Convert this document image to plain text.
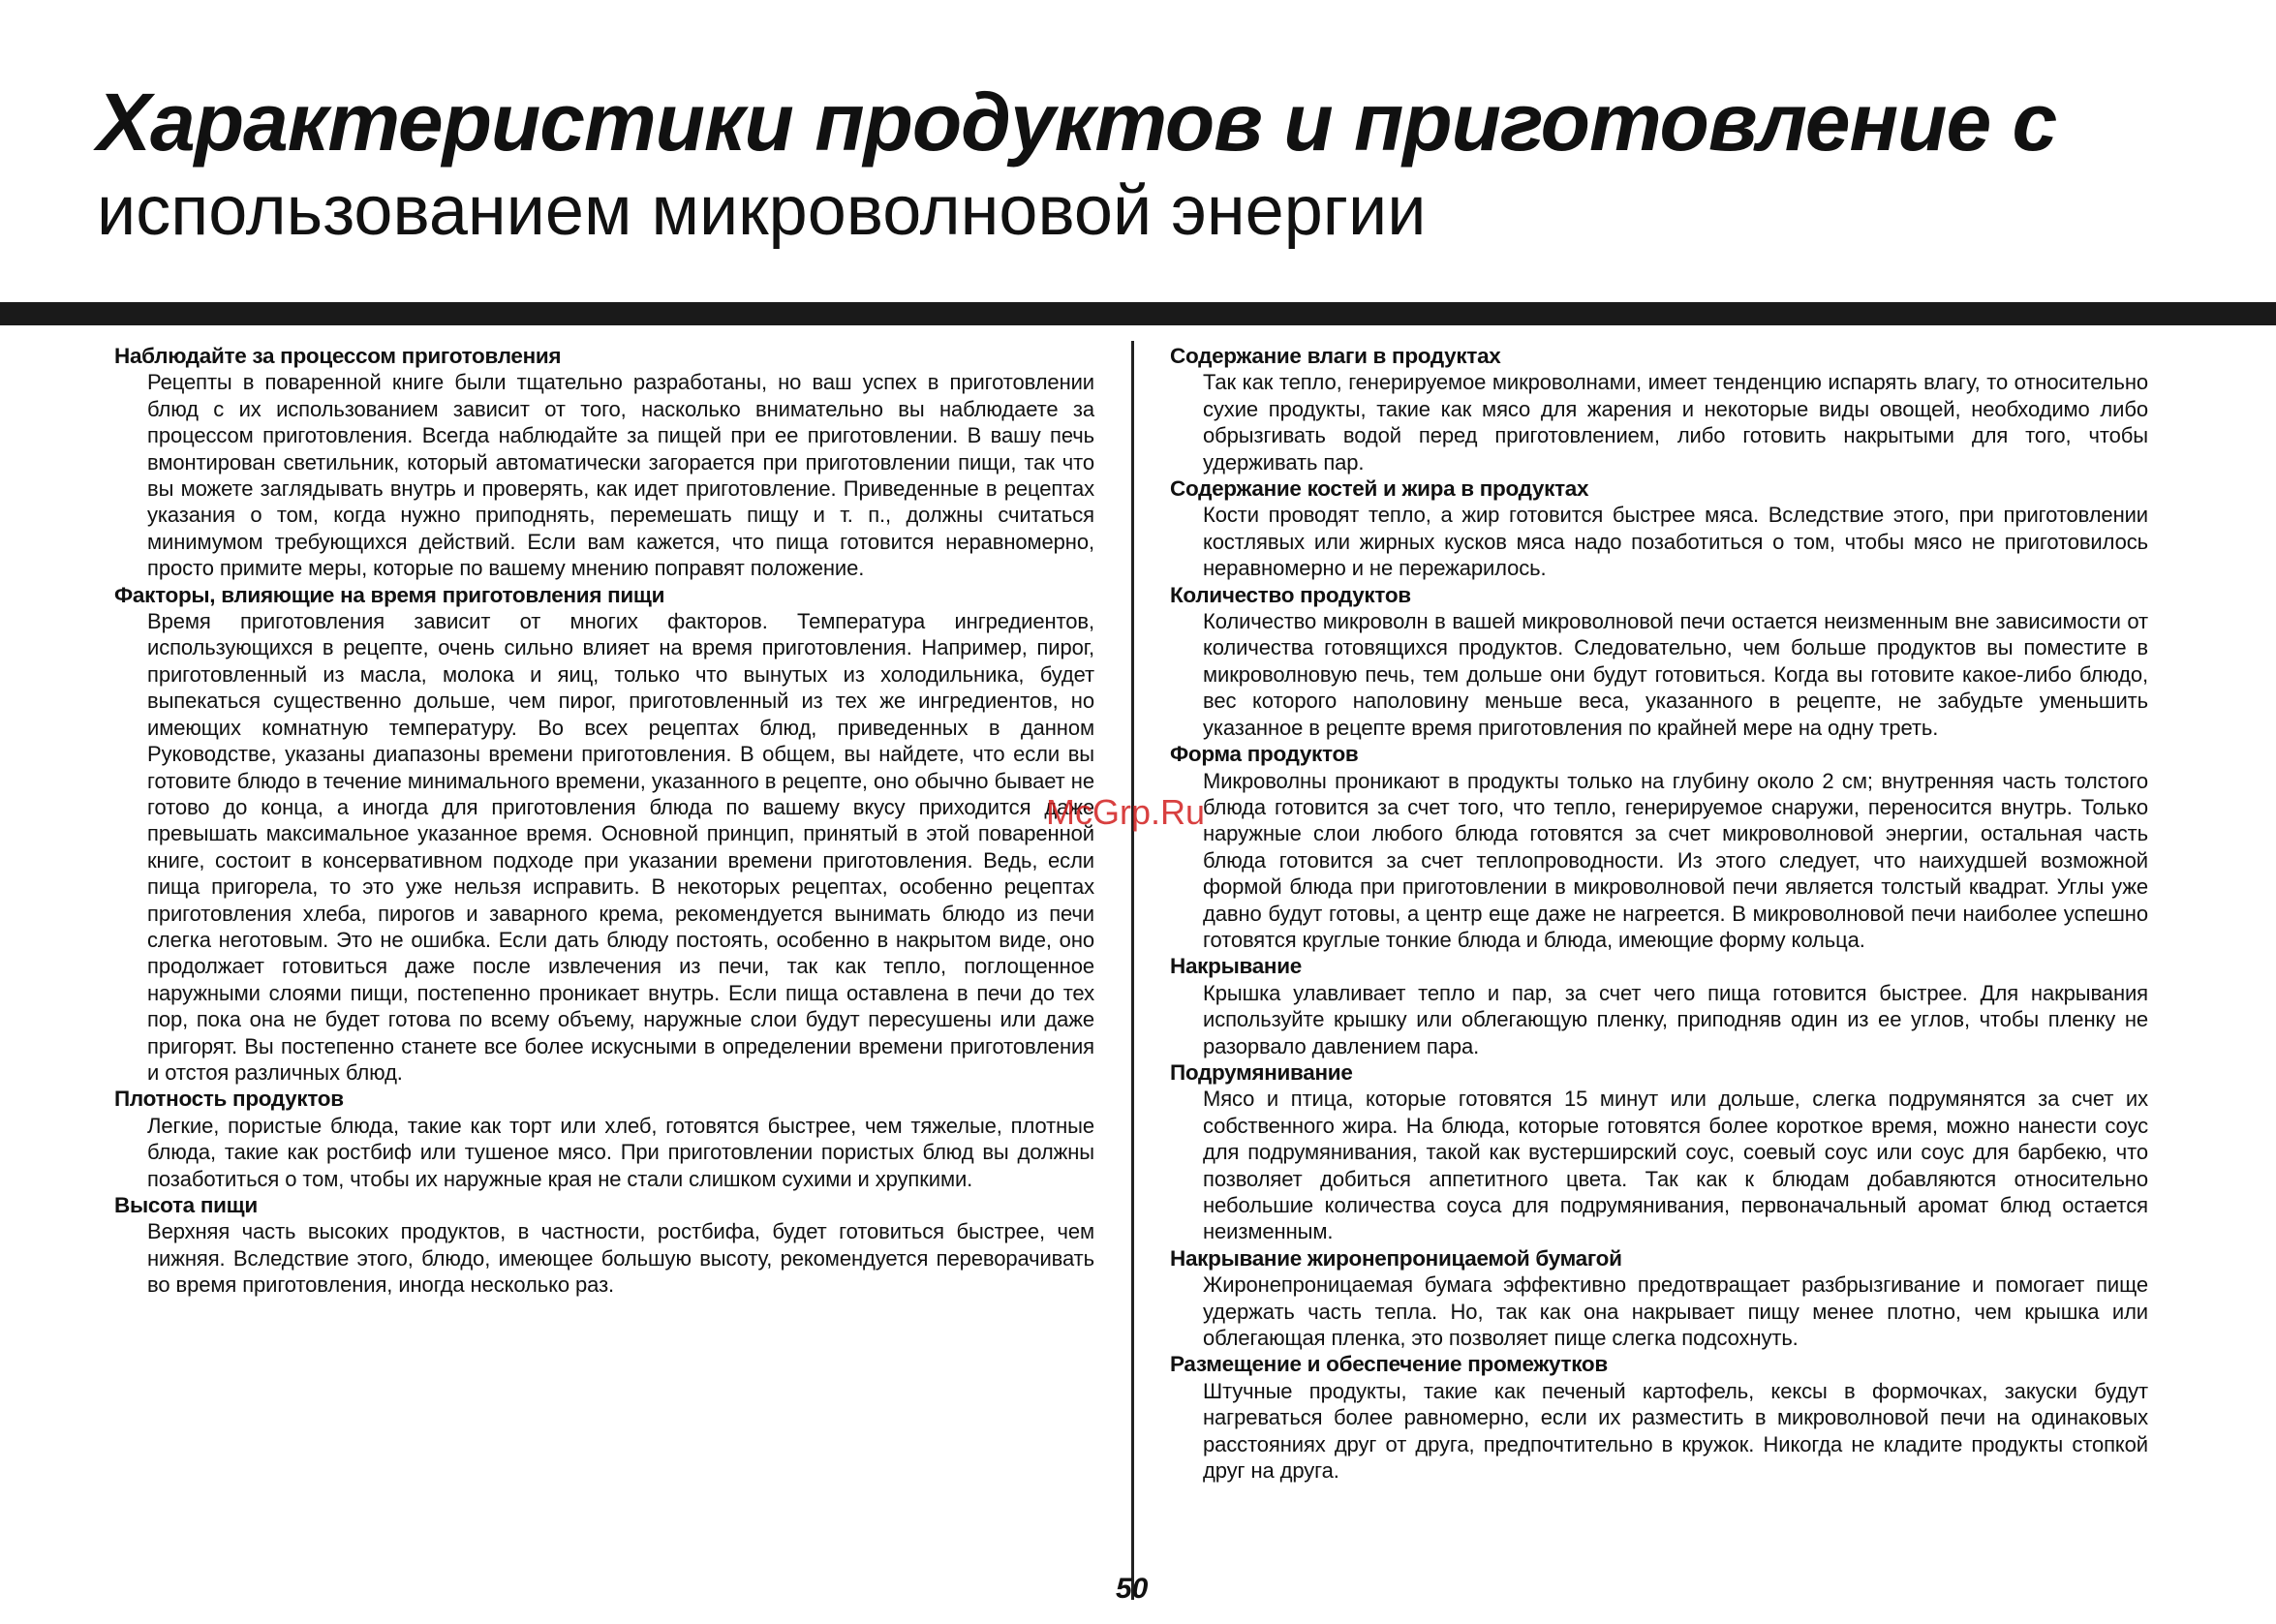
Характеристики продуктов и приготовление с

использованием микроволновой энергии

Наблюдайте за процессом приготовления

Рецепты в поваренной книге были тщательно разработаны, но ваш успех в приготовлении блюд с их использованием зависит от того, насколько внимательно вы наблюдаете за процессом приготовления. Всегда наблюдайте за пищей при ее приготовлении. В вашу печь вмонтирован светильник, который автоматически загорается при приготовлении пищи, так что вы можете заглядывать внутрь и проверять, как идет приготовление. Приведенные в рецептах указания о том, когда нужно приподнять, перемешать пищу и т. п., должны считаться минимумом требующихся действий. Если вам кажется, что пища готовится неравномерно, просто примите меры, которые по вашему мнению поправят положение.

Факторы, влияющие на время приготовления пищи

Время приготовления зависит от многих факторов. Температура ингредиентов, использующихся в рецепте, очень сильно влияет на время приготовления. Например, пирог, приготовленный из масла, молока и яиц, только что вынутых из холодильника, будет выпекаться существенно дольше, чем пирог, приготовленный из тех же ингредиентов, но имеющих комнатную температуру. Во всех рецептах блюд, приведенных в данном Руководстве, указаны диапазоны времени приготовления. В общем, вы найдете, что если вы готовите блюдо в течение минимального времени, указанного в рецепте, оно обычно бывает не готово до конца, а иногда для приготовления блюда по вашему вкусу приходится даже превышать максимальное указанное время. Основной принцип, принятый в этой поваренной книге, состоит в консервативном подходе при указании времени приготовления. Ведь, если пища пригорела, то это уже нельзя исправить. В некоторых рецептах, особенно рецептах приготовления хлеба, пирогов и заварного крема, рекомендуется вынимать блюдо из печи слегка неготовым. Это не ошибка. Если дать блюду постоять, особенно в накрытом виде, оно продолжает готовиться даже после извлечения из печи, так как тепло, поглощенное наружными слоями пищи, постепенно проникает внутрь. Если пища оставлена в печи до тех пор, пока она не будет готова по всему объему, наружные слои будут пересушены или даже пригорят. Вы постепенно станете все более искусными в определении времени приготовления и отстоя различных блюд.

Плотность продуктов

Легкие, пористые блюда, такие как торт или хлеб, готовятся быстрее, чем тяжелые, плотные блюда, такие как ростбиф или тушеное мясо. При приготовлении пористых блюд вы должны позаботиться о том, чтобы их наружные края не стали слишком сухими и хрупкими.

Высота пищи

Верхняя часть высоких продуктов, в частности, ростбифа, будет готовиться быстрее, чем нижняя. Вследствие этого, блюдо, имеющее большую высоту, рекомендуется переворачивать во время приготовления, иногда несколько раз.

Содержание влаги в продуктах

Так как тепло, генерируемое микроволнами, имеет тенденцию испарять влагу, то относительно сухие продукты, такие как мясо для жарения и некоторые виды овощей, необходимо либо обрызгивать водой перед приготовлением, либо готовить накрытыми для того, чтобы удерживать пар.

Содержание костей и жира в продуктах

Кости проводят тепло, а жир готовится быстрее мяса. Вследствие этого, при приготовлении костлявых или жирных кусков мяса надо позаботиться о том, чтобы мясо не приготовилось неравномерно и не пережарилось.

Количество продуктов

Количество микроволн в вашей микроволновой печи остается неизменным вне зависимости от количества готовящихся продуктов. Следовательно, чем больше продуктов вы поместите в микроволновую печь, тем дольше они будут готовиться. Когда вы готовите какое-либо блюдо, вес которого наполовину меньше веса, указанного в рецепте, не забудьте уменьшить указанное в рецепте время приготовления по крайней мере на одну треть.

Форма продуктов

Микроволны проникают в продукты только на глубину около 2 см; внутренняя часть толстого блюда готовится за счет того, что тепло, генерируемое снаружи, переносится внутрь. Только наружные слои любого блюда готовятся за счет микроволновой энергии, остальная часть блюда готовится за счет теплопроводности. Из этого следует, что наихудшей возможной формой блюда при приготовлении в микроволновой печи является толстый квадрат. Углы уже давно будут готовы, а центр еще даже не нагреется. В микроволновой печи наиболее успешно готовятся круглые тонкие блюда и блюда, имеющие форму кольца.

Накрывание

Крышка улавливает тепло и пар, за счет чего пища готовится быстрее. Для накрывания используйте крышку или облегающую пленку, приподняв один из ее углов, чтобы пленку не разорвало давлением пара.

Подрумянивание

Мясо и птица, которые готовятся 15 минут или дольше, слегка подрумянятся за счет их собственного жира. На блюда, которые готовятся более короткое время, можно нанести соус для подрумянивания, такой как вустерширский соус, соевый соус или соус для барбекю, что позволяет добиться аппетитного цвета. Так как к блюдам добавляются относительно небольшие количества соуса для подрумянивания, первоначальный аромат блюд остается неизменным.

Накрывание жиронепроницаемой бумагой

Жиронепроницаемая бумага эффективно предотвращает разбрызгивание и помогает пище удержать часть тепла. Но, так как она накрывает пищу менее плотно, чем крышка или облегающая пленка, это позволяет пище слегка подсохнуть.

Размещение и обеспечение промежутков

Штучные продукты, такие как печеный картофель, кексы в формочках, закуски будут нагреваться более равномерно, если их разместить в микроволновой печи на одинаковых расстояниях друг от друга, предпочтительно в кружок. Никогда не кладите продукты стопкой друг на друга.

McGrp.Ru
50
